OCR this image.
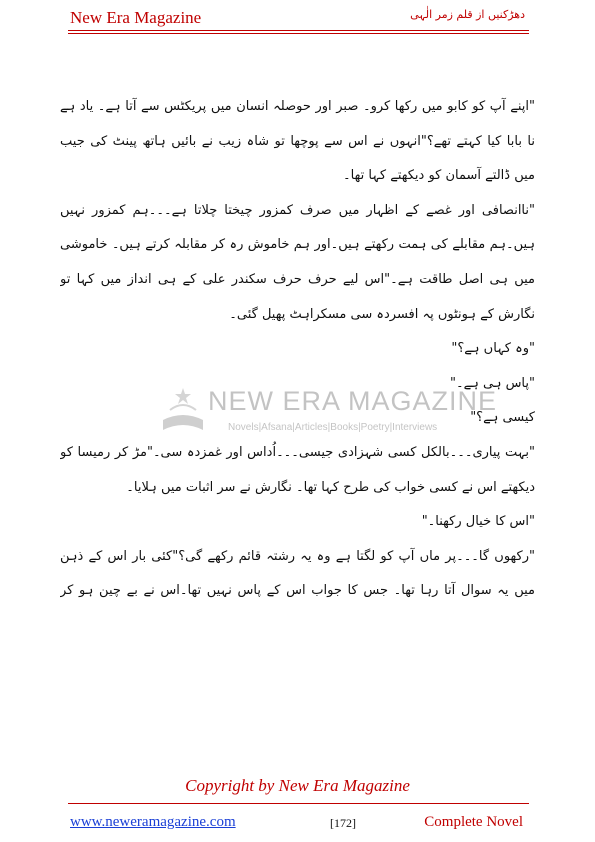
New Era Magazine	دھڑکنیں از قلم زمر الٰہی
"اپنے آپ کو کابو میں رکھا کرو۔ صبر اور حوصلہ انسان میں پریکٹس سے آتا ہے۔ یاد ہے
نا بابا کیا کہتے تھے؟"انہوں نے اس سے پوچھا تو شاہ زیب نے بائیں ہاتھ پینٹ کی جیب
میں ڈالتے آسمان کو دیکھتے کہا تھا۔
"ناانصافی اور غصے کے اظہار میں صرف کمزور چیختا چلاتا ہے۔۔۔ہم کمزور نہیں
ہیں۔ہم مقابلے کی ہمت رکھتے ہیں۔اور ہم خاموش رہ کر مقابلہ کرتے ہیں۔ خاموشی
میں ہی اصل طاقت ہے۔"اس لیے حرف حرف سکندر علی کے ہی انداز میں کہا تو
نگارش کے ہونٹوں پہ افسردہ سی مسکراہٹ پھیل گئی۔
"وہ کہاں ہے؟"
"پاس ہی ہے۔"
کیسی ہے؟"
"بہت پیاری۔۔۔بالکل کسی شہزادی جیسی۔۔۔اُداس اور غمزدہ سی۔"مڑ کر رمیسا کو
دیکھتے اس نے کسی خواب کی طرح کہا تھا۔ نگارش نے سر اثبات میں ہلایا۔
"اس کا خیال رکھنا۔"
"رکھوں گا۔۔۔پر ماں آپ کو لگتا ہے وہ یہ رشتہ قائم رکھے گی؟"کئی بار اس کے ذہن
میں یہ سوال آتا رہا تھا۔ جس کا جواب اس کے پاس نہیں تھا۔اس نے بے چین ہو کر
NEW ERA MAGAZINE
Novels|Afsana|Articles|Books|Poetry|Interviews
Copyright by New Era Magazine
www.neweramagazine.com	[172]	Complete Novel
